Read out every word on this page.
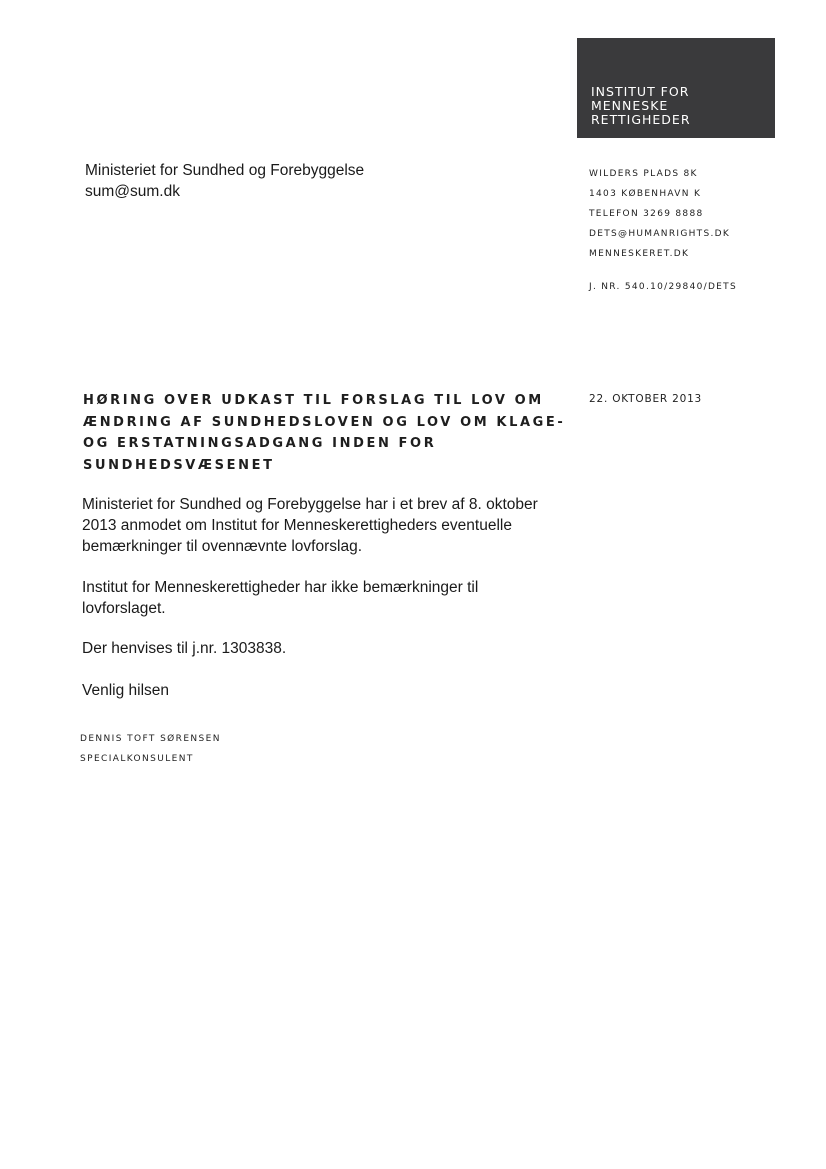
INSTITUT FOR
MENNESKE
RETTIGHEDER
Ministeriet for Sundhed og Forebyggelse
sum@sum.dk
WILDERS PLADS 8K
1403 KØBENHAVN K
TELEFON 3269 8888
DETS@HUMANRIGHTS.DK
MENNESKERET.DK
J. NR. 540.10/29840/DETS
HØRING OVER UDKAST TIL FORSLAG TIL LOV OM
ÆNDRING AF SUNDHEDSLOVEN OG LOV OM KLAGE-
OG ERSTATNINGSADGANG INDEN FOR
SUNDHEDSVÆSENET
22. OKTOBER 2013
Ministeriet for Sundhed og Forebyggelse har i et brev af 8. oktober
2013 anmodet om Institut for Menneskerettigheders eventuelle
bemærkninger til ovennævnte lovforslag.
Institut for Menneskerettigheder har ikke bemærkninger til
lovforslaget.
Der henvises til j.nr. 1303838.
Venlig hilsen
DENNIS TOFT SØRENSEN
SPECIALKONSULENT
